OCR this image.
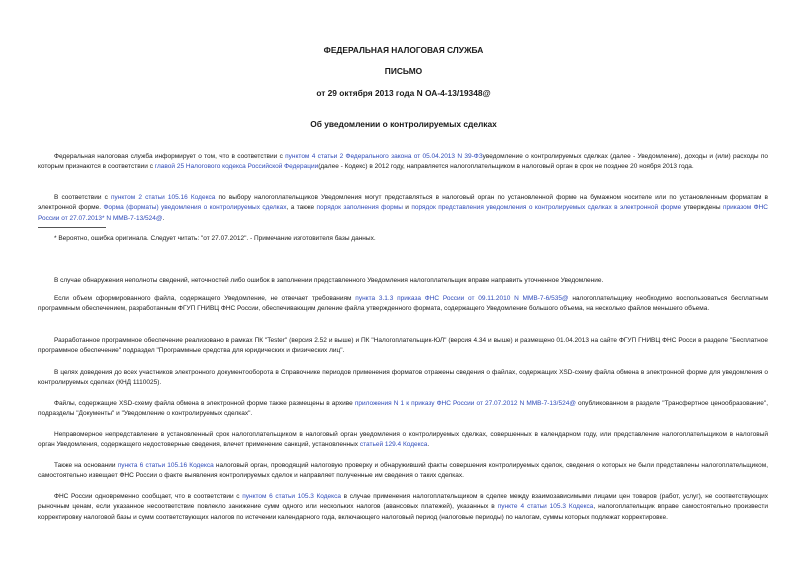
ФЕДЕРАЛЬНАЯ НАЛОГОВАЯ СЛУЖБА
ПИСЬМО
от 29 октября 2013 года N ОА-4-13/19348@
Об уведомлении о контролируемых сделках

Федеральная налоговая служба информирует о том, что в соответствии с пунктом 4 статьи 2 Федерального закона от 05.04.2013 N 39-ФЗуведомление о контролируемых сделках (далее - Уведомление), доходы и (или) расходы по которым признаются в соответствии с главой 25 Налогового кодекса Российской Федерации(далее - Кодекс) в 2012 году, направляется налогоплательщиком в налоговый орган в срок не позднее 20 ноября 2013 года.

В соответствии с пунктом 2 статьи 105.16 Кодекса по выбору налогоплательщиков Уведомления могут представляться в налоговый орган по установленной форме на бумажном носителе или по установленным форматам в электронной форме. Форма (форматы) уведомления о контролируемых сделках, а также порядок заполнения формы и порядок представления уведомления о контролируемых сделках в электронной форме утверждены приказом ФНС России от 27.07.2013* N ММВ-7-13/524@.

* Вероятно, ошибка оригинала. Следует читать: "от 27.07.2012". - Примечание изготовителя базы данных.

В случае обнаружения неполноты сведений, неточностей либо ошибок в заполнении представленного Уведомления налогоплательщик вправе направить уточненное Уведомление.

Если объем сформированного файла, содержащего Уведомление, не отвечает требованиям пункта 3.1.3 приказа ФНС России от 09.11.2010 N ММВ-7-6/535@ налогоплательщику необходимо воспользоваться бесплатным программным обеспечением, разработанным ФГУП ГНИВЦ ФНС России, обеспечивающим деление файла утвержденного формата, содержащего Уведомление большого объема, на несколько файлов меньшего объема.

Разработанное программное обеспечение реализовано в рамках ПК "Tester" (версия 2.52 и выше) и ПК "Налогоплательщик-ЮЛ" (версия 4.34 и выше) и размещено 01.04.2013 на сайте ФГУП ГНИВЦ ФНС Росси в разделе "Бесплатное программное обеспечение" подраздел "Программные средства для юридических и физических лиц".

В целях доведения до всех участников электронного документооборота в Справочнике периодов применения форматов отражены сведения о файлах, содержащих XSD-схему файла обмена в электронной форме для уведомления о контролируемых сделках (КНД 1110025).

Файлы, содержащие XSD-схему файла обмена в электронной форме также размещены в архиве приложения N 1 к приказу ФНС России от 27.07.2012 N ММВ-7-13/524@ опубликованном в разделе "Трансфертное ценообразование", подразделы "Документы" и "Уведомление о контролируемых сделках".

Неправомерное непредставление в установленный срок налогоплательщиком в налоговый орган уведомления о контролируемых сделках, совершенных в календарном году, или представление налогоплательщиком в налоговый орган Уведомления, содержащего недостоверные сведения, влечет применение санкций, установленных статьей 129.4 Кодекса.

Также на основании пункта 6 статьи 105.16 Кодекса налоговый орган, проводящий налоговую проверку и обнаруживший факты совершения контролируемых сделок, сведения о которых не были представлены налогоплательщиком, самостоятельно извещает ФНС России о факте выявления контролируемых сделок и направляет полученные им сведения о таких сделках.

ФНС России одновременно сообщает, что в соответствии с пунктом 6 статьи 105.3 Кодекса в случае применения налогоплательщиком в сделке между взаимозависимыми лицами цен товаров (работ, услуг), не соответствующих рыночным ценам, если указанное несоответствие повлекло занижение сумм одного или нескольких налогов (авансовых платежей), указанных в пункте 4 статьи 105.3 Кодекса, налогоплательщик вправе самостоятельно произвести корректировку налоговой базы и сумм соответствующих налогов по истечении календарного года, включающего налоговый период (налоговые периоды) по налогам, суммы которых подлежат корректировке.
